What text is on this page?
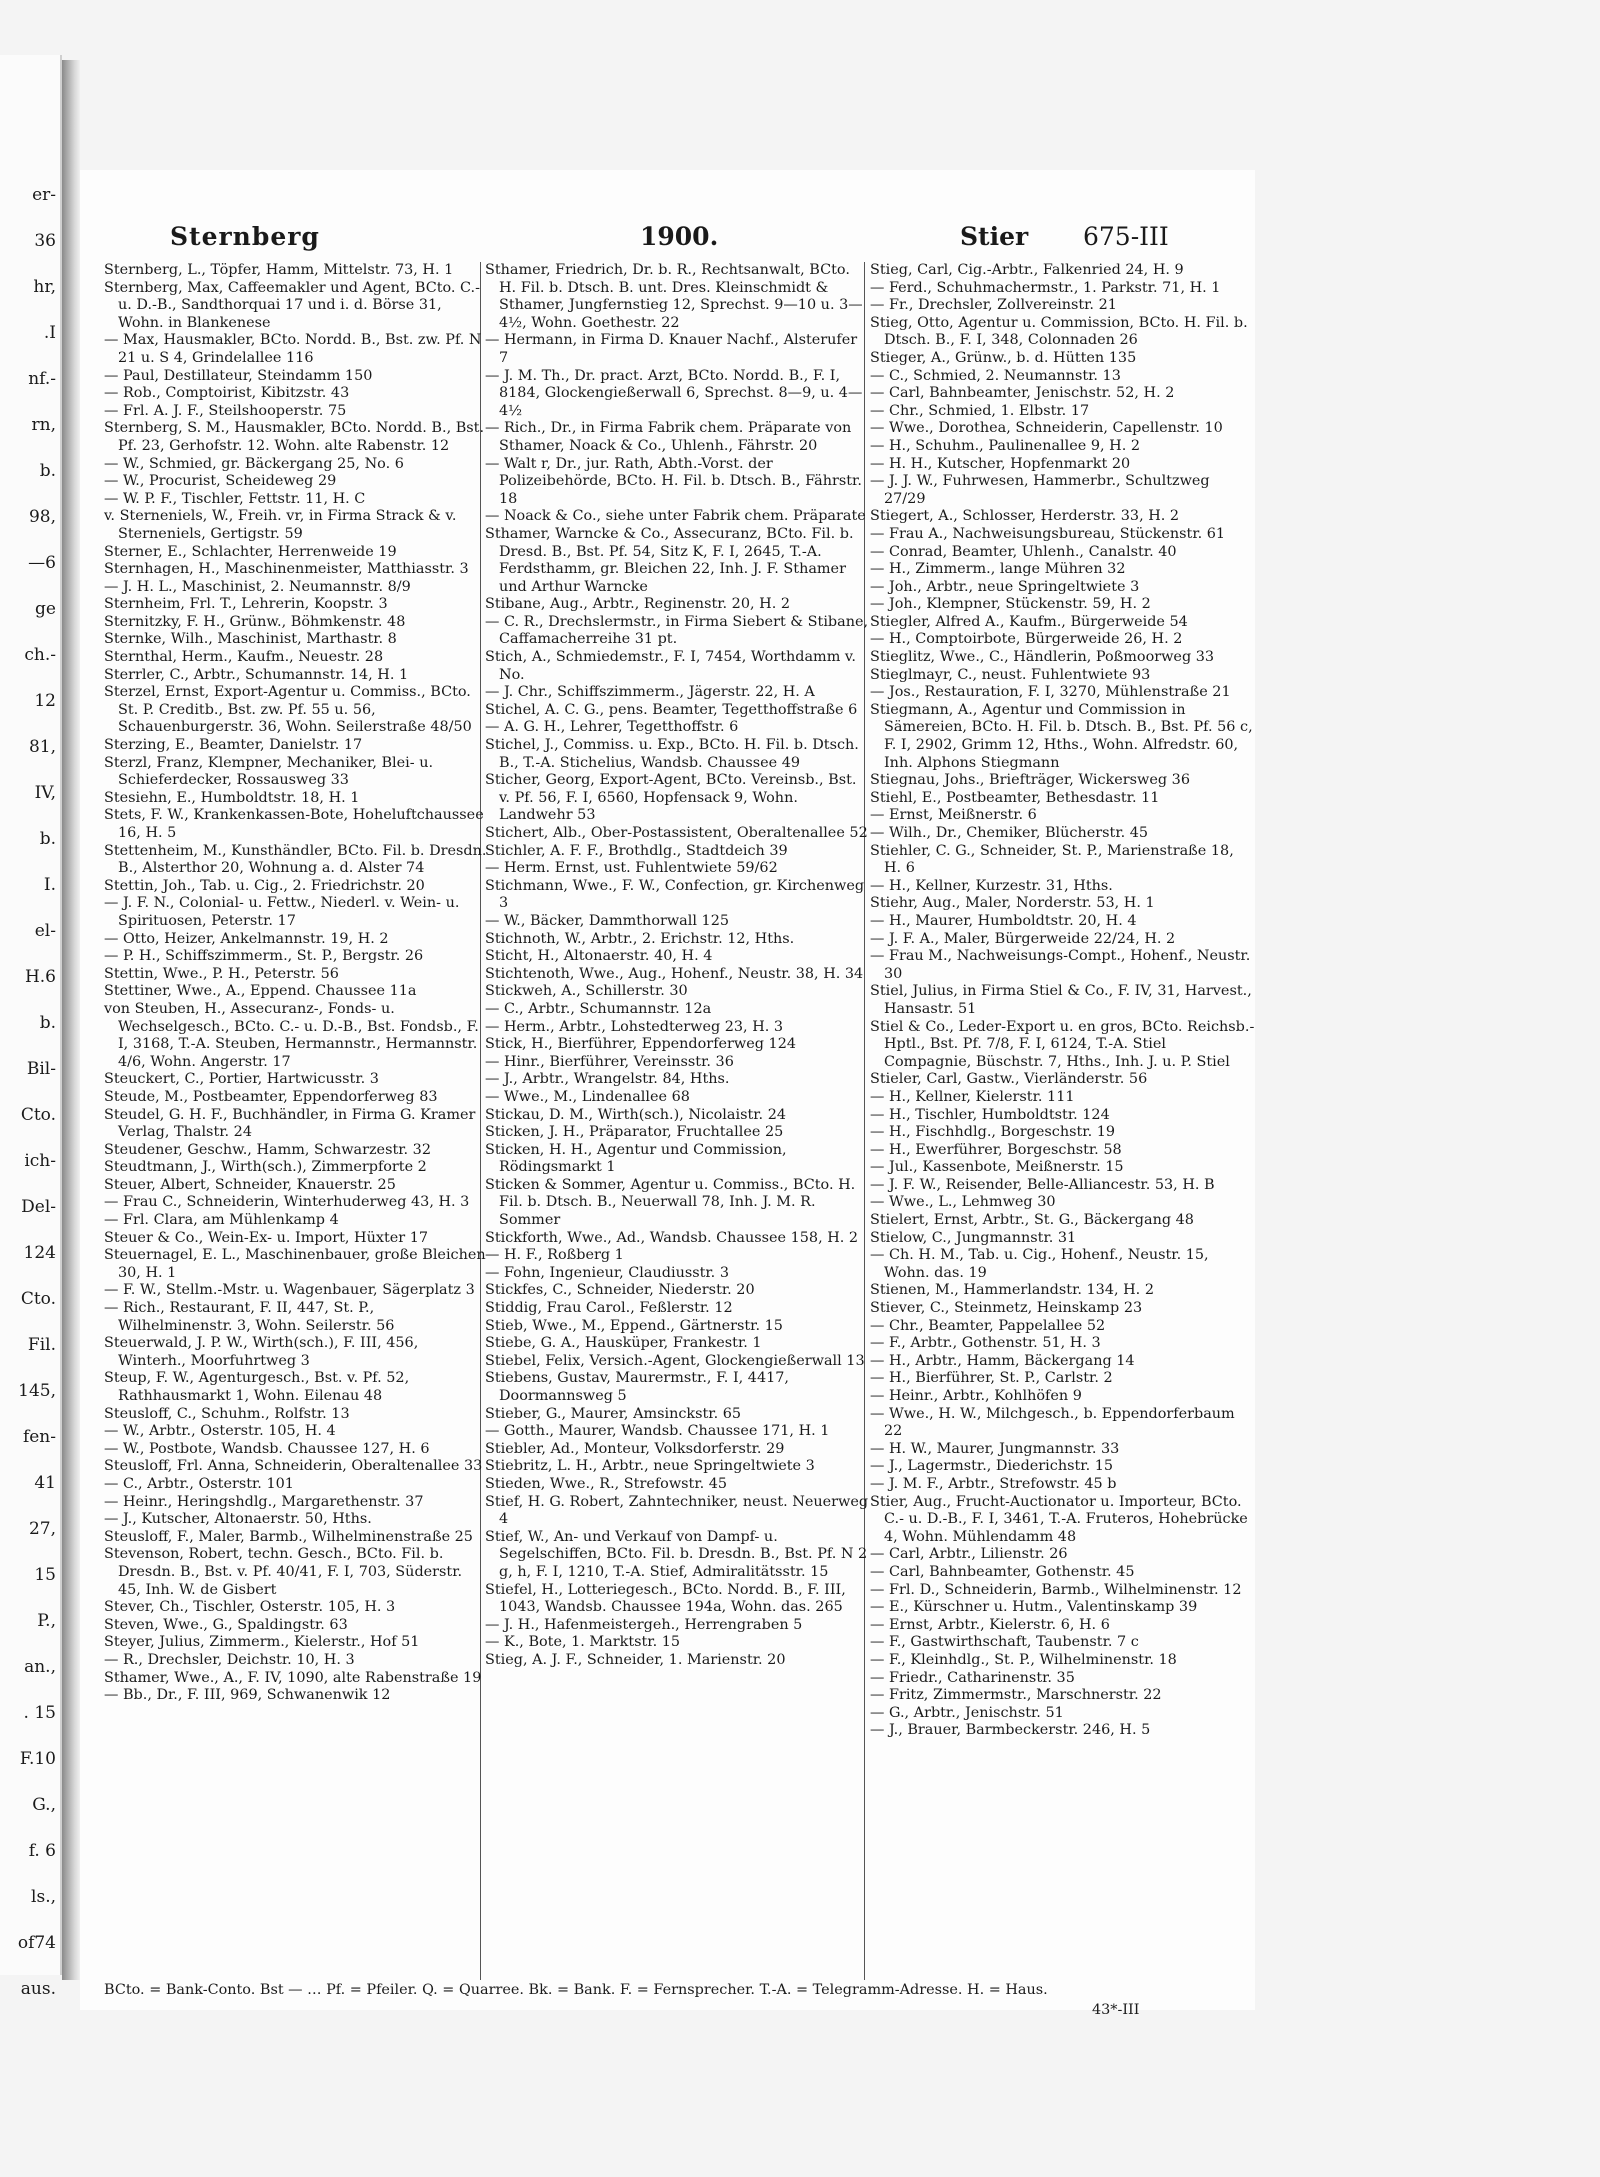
er-
36
hr,
.I
nf.-
rn,
b.
98,
—6
ge
ch.-
12
81,
IV,
b.
I.
el-
H.6
b.
Bil-
Cto.
ich-
Del-
124
Cto.
Fil.
145,
fen-
41
27,
15
P.,
an.,
. 15
F.10
G.,
f. 6
ls.,
of74
aus.
Sternberg	1900.	Stier 675-III

Sternberg, L., Töpfer, Hamm, Mittelstr. 73, H. 1

Sternberg, Max, Caffeemakler und Agent, BCto. C.- u. D.-B., Sandthorquai 17 und i. d. Börse 31, Wohn. in Blankenese

— Max, Hausmakler, BCto. Nordd. B., Bst. zw. Pf. N 21 u. S 4, Grindelallee 116

— Paul, Destillateur, Steindamm 150

— Rob., Comptoirist, Kibitzstr. 43

— Frl. A. J. F., Steilshooperstr. 75

Sternberg, S. M., Hausmakler, BCto. Nordd. B., Bst. Pf. 23, Gerhofstr. 12. Wohn. alte Rabenstr. 12

— W., Schmied, gr. Bäckergang 25, No. 6

— W., Procurist, Scheideweg 29

— W. P. F., Tischler, Fettstr. 11, H. C

v. Sterneniels, W., Freih. vr, in Firma Strack & v. Sterneniels, Gertigstr. 59

Sterner, E., Schlachter, Herrenweide 19

Sternhagen, H., Maschinenmeister, Matthiasstr. 3

— J. H. L., Maschinist, 2. Neumannstr. 8/9

Sternheim, Frl. T., Lehrerin, Koopstr. 3

Sternitzky, F. H., Grünw., Böhmkenstr. 48

Sternke, Wilh., Maschinist, Marthastr. 8

Sternthal, Herm., Kaufm., Neuestr. 28

Sterrler, C., Arbtr., Schumannstr. 14, H. 1

Sterzel, Ernst, Export-Agentur u. Commiss., BCto. St. P. Creditb., Bst. zw. Pf. 55 u. 56, Schauenburgerstr. 36, Wohn. Seilerstraße 48/50

Sterzing, E., Beamter, Danielstr. 17

Sterzl, Franz, Klempner, Mechaniker, Blei- u. Schieferdecker, Rossausweg 33

Stesiehn, E., Humboldtstr. 18, H. 1

Stets, F. W., Krankenkassen-Bote, Hoheluftchaussee 16, H. 5

Stettenheim, M., Kunsthändler, BCto. Fil. b. Dresdn. B., Alsterthor 20, Wohnung a. d. Alster 74

Stettin, Joh., Tab. u. Cig., 2. Friedrichstr. 20

— J. F. N., Colonial- u. Fettw., Niederl. v. Wein- u. Spirituosen, Peterstr. 17

— Otto, Heizer, Ankelmannstr. 19, H. 2

— P. H., Schiffszimmerm., St. P., Bergstr. 26

Stettin, Wwe., P. H., Peterstr. 56

Stettiner, Wwe., A., Eppend. Chaussee 11a

von Steuben, H., Assecuranz-, Fonds- u. Wechselgesch., BCto. C.- u. D.-B., Bst. Fondsb., F. I, 3168, T.-A. Steuben, Hermannstr., Hermannstr. 4/6, Wohn. Angerstr. 17

Steuckert, C., Portier, Hartwicusstr. 3

Steude, M., Postbeamter, Eppendorferweg 83

Steudel, G. H. F., Buchhändler, in Firma G. Kramer Verlag, Thalstr. 24

Steudener, Geschw., Hamm, Schwarzestr. 32

Steudtmann, J., Wirth(sch.), Zimmerpforte 2

Steuer, Albert, Schneider, Knauerstr. 25

— Frau C., Schneiderin, Winterhuderweg 43, H. 3

— Frl. Clara, am Mühlenkamp 4

Steuer & Co., Wein-Ex- u. Import, Hüxter 17

Steuernagel, E. L., Maschinenbauer, große Bleichen 30, H. 1

— F. W., Stellm.-Mstr. u. Wagenbauer, Sägerplatz 3

— Rich., Restaurant, F. II, 447, St. P., Wilhelminenstr. 3, Wohn. Seilerstr. 56

Steuerwald, J. P. W., Wirth(sch.), F. III, 456, Winterh., Moorfuhrtweg 3

Steup, F. W., Agenturgesch., Bst. v. Pf. 52, Rathhausmarkt 1, Wohn. Eilenau 48

Steusloff, C., Schuhm., Rolfstr. 13

— W., Arbtr., Osterstr. 105, H. 4

— W., Postbote, Wandsb. Chaussee 127, H. 6

Steusloff, Frl. Anna, Schneiderin, Oberaltenallee 33

— C., Arbtr., Osterstr. 101

— Heinr., Heringshdlg., Margarethenstr. 37

— J., Kutscher, Altonaerstr. 50, Hths.

Steusloff, F., Maler, Barmb., Wilhelminenstraße 25

Stevenson, Robert, techn. Gesch., BCto. Fil. b. Dresdn. B., Bst. v. Pf. 40/41, F. I, 703, Süderstr. 45, Inh. W. de Gisbert

Stever, Ch., Tischler, Osterstr. 105, H. 3

Steven, Wwe., G., Spaldingstr. 63

Steyer, Julius, Zimmerm., Kielerstr., Hof 51

— R., Drechsler, Deichstr. 10, H. 3

Sthamer, Wwe., A., F. IV, 1090, alte Rabenstraße 19

— Bb., Dr., F. III, 969, Schwanenwik 12

Sthamer, Friedrich, Dr. b. R., Rechtsanwalt, BCto. H. Fil. b. Dtsch. B. unt. Dres. Kleinschmidt & Sthamer, Jungfernstieg 12, Sprechst. 9—10 u. 3—4½, Wohn. Goethestr. 22

— Hermann, in Firma D. Knauer Nachf., Alsterufer 7

— J. M. Th., Dr. pract. Arzt, BCto. Nordd. B., F. I, 8184, Glockengießerwall 6, Sprechst. 8—9, u. 4—4½

— Rich., Dr., in Firma Fabrik chem. Präparate von Sthamer, Noack & Co., Uhlenh., Fährstr. 20

— Walt r, Dr., jur. Rath, Abth.-Vorst. der Polizeibehörde, BCto. H. Fil. b. Dtsch. B., Fährstr. 18

— Noack & Co., siehe unter Fabrik chem. Präparate

Sthamer, Warncke & Co., Assecuranz, BCto. Fil. b. Dresd. B., Bst. Pf. 54, Sitz K, F. I, 2645, T.-A. Ferdsthamm, gr. Bleichen 22, Inh. J. F. Sthamer und Arthur Warncke

Stibane, Aug., Arbtr., Reginenstr. 20, H. 2

— C. R., Drechslermstr., in Firma Siebert & Stibane, Caffamacherreihe 31 pt.

Stich, A., Schmiedemstr., F. I, 7454, Worthdamm v. No.

— J. Chr., Schiffszimmerm., Jägerstr. 22, H. A

Stichel, A. C. G., pens. Beamter, Tegetthoffstraße 6

— A. G. H., Lehrer, Tegetthoffstr. 6

Stichel, J., Commiss. u. Exp., BCto. H. Fil. b. Dtsch. B., T.-A. Stichelius, Wandsb. Chaussee 49

Sticher, Georg, Export-Agent, BCto. Vereinsb., Bst. v. Pf. 56, F. I, 6560, Hopfensack 9, Wohn. Landwehr 53

Stichert, Alb., Ober-Postassistent, Oberaltenallee 52

Stichler, A. F. F., Brothdlg., Stadtdeich 39

— Herm. Ernst, ust. Fuhlentwiete 59/62

Stichmann, Wwe., F. W., Confection, gr. Kirchenweg 3

— W., Bäcker, Dammthorwall 125

Stichnoth, W., Arbtr., 2. Erichstr. 12, Hths.

Sticht, H., Altonaerstr. 40, H. 4

Stichtenoth, Wwe., Aug., Hohenf., Neustr. 38, H. 34

Stickweh, A., Schillerstr. 30

— C., Arbtr., Schumannstr. 12a

— Herm., Arbtr., Lohstedterweg 23, H. 3

Stick, H., Bierführer, Eppendorferweg 124

— Hinr., Bierführer, Vereinsstr. 36

— J., Arbtr., Wrangelstr. 84, Hths.

— Wwe., M., Lindenallee 68

Stickau, D. M., Wirth(sch.), Nicolaistr. 24

Sticken, J. H., Präparator, Fruchtallee 25

Sticken, H. H., Agentur und Commission, Rödingsmarkt 1

Sticken & Sommer, Agentur u. Commiss., BCto. H. Fil. b. Dtsch. B., Neuerwall 78, Inh. J. M. R. Sommer

Stickforth, Wwe., Ad., Wandsb. Chaussee 158, H. 2

— H. F., Roßberg 1

— Fohn, Ingenieur, Claudiusstr. 3

Stickfes, C., Schneider, Niederstr. 20

Stiddig, Frau Carol., Feßlerstr. 12

Stieb, Wwe., M., Eppend., Gärtnerstr. 15

Stiebe, G. A., Hausküper, Frankestr. 1

Stiebel, Felix, Versich.-Agent, Glockengießerwall 13

Stiebens, Gustav, Maurermstr., F. I, 4417, Doormannsweg 5

Stieber, G., Maurer, Amsinckstr. 65

— Gotth., Maurer, Wandsb. Chaussee 171, H. 1

Stiebler, Ad., Monteur, Volksdorferstr. 29

Stiebritz, L. H., Arbtr., neue Springeltwiete 3

Stieden, Wwe., R., Strefowstr. 45

Stief, H. G. Robert, Zahntechniker, neust. Neuerweg 4

Stief, W., An- und Verkauf von Dampf- u. Segelschiffen, BCto. Fil. b. Dresdn. B., Bst. Pf. N 2 g, h, F. I, 1210, T.-A. Stief, Admiralitätsstr. 15

Stiefel, H., Lotteriegesch., BCto. Nordd. B., F. III, 1043, Wandsb. Chaussee 194a, Wohn. das. 265

— J. H., Hafenmeistergeh., Herrengraben 5

— K., Bote, 1. Marktstr. 15

Stieg, A. J. F., Schneider, 1. Marienstr. 20

Stieg, Carl, Cig.-Arbtr., Falkenried 24, H. 9

— Ferd., Schuhmachermstr., 1. Parkstr. 71, H. 1

— Fr., Drechsler, Zollvereinstr. 21

Stieg, Otto, Agentur u. Commission, BCto. H. Fil. b. Dtsch. B., F. I, 348, Colonnaden 26

Stieger, A., Grünw., b. d. Hütten 135

— C., Schmied, 2. Neumannstr. 13

— Carl, Bahnbeamter, Jenischstr. 52, H. 2

— Chr., Schmied, 1. Elbstr. 17

— Wwe., Dorothea, Schneiderin, Capellenstr. 10

— H., Schuhm., Paulinenallee 9, H. 2

— H. H., Kutscher, Hopfenmarkt 20

— J. J. W., Fuhrwesen, Hammerbr., Schultzweg 27/29

Stiegert, A., Schlosser, Herderstr. 33, H. 2

— Frau A., Nachweisungsbureau, Stückenstr. 61

— Conrad, Beamter, Uhlenh., Canalstr. 40

— H., Zimmerm., lange Mühren 32

— Joh., Arbtr., neue Springeltwiete 3

— Joh., Klempner, Stückenstr. 59, H. 2

Stiegler, Alfred A., Kaufm., Bürgerweide 54

— H., Comptoirbote, Bürgerweide 26, H. 2

Stieglitz, Wwe., C., Händlerin, Poßmoorweg 33

Stieglmayr, C., neust. Fuhlentwiete 93

— Jos., Restauration, F. I, 3270, Mühlenstraße 21

Stiegmann, A., Agentur und Commission in Sämereien, BCto. H. Fil. b. Dtsch. B., Bst. Pf. 56 c, F. I, 2902, Grimm 12, Hths., Wohn. Alfredstr. 60, Inh. Alphons Stiegmann

Stiegnau, Johs., Briefträger, Wickersweg 36

Stiehl, E., Postbeamter, Bethesdastr. 11

— Ernst, Meißnerstr. 6

— Wilh., Dr., Chemiker, Blücherstr. 45

Stiehler, C. G., Schneider, St. P., Marienstraße 18, H. 6

— H., Kellner, Kurzestr. 31, Hths.

Stiehr, Aug., Maler, Norderstr. 53, H. 1

— H., Maurer, Humboldtstr. 20, H. 4

— J. F. A., Maler, Bürgerweide 22/24, H. 2

— Frau M., Nachweisungs-Compt., Hohenf., Neustr. 30

Stiel, Julius, in Firma Stiel & Co., F. IV, 31, Harvest., Hansastr. 51

Stiel & Co., Leder-Export u. en gros, BCto. Reichsb.-Hptl., Bst. Pf. 7/8, F. I, 6124, T.-A. Stiel Compagnie, Büschstr. 7, Hths., Inh. J. u. P. Stiel

Stieler, Carl, Gastw., Vierländerstr. 56

— H., Kellner, Kielerstr. 111

— H., Tischler, Humboldtstr. 124

— H., Fischhdlg., Borgeschstr. 19

— H., Ewerführer, Borgeschstr. 58

— Jul., Kassenbote, Meißnerstr. 15

— J. F. W., Reisender, Belle-Alliancestr. 53, H. B

— Wwe., L., Lehmweg 30

Stielert, Ernst, Arbtr., St. G., Bäckergang 48

Stielow, C., Jungmannstr. 31

— Ch. H. M., Tab. u. Cig., Hohenf., Neustr. 15, Wohn. das. 19

Stienen, M., Hammerlandstr. 134, H. 2

Stiever, C., Steinmetz, Heinskamp 23

— Chr., Beamter, Pappelallee 52

— F., Arbtr., Gothenstr. 51, H. 3

— H., Arbtr., Hamm, Bäckergang 14

— H., Bierführer, St. P., Carlstr. 2

— Heinr., Arbtr., Kohlhöfen 9

— Wwe., H. W., Milchgesch., b. Eppendorferbaum 22

— H. W., Maurer, Jungmannstr. 33

— J., Lagermstr., Diederichstr. 15

— J. M. F., Arbtr., Strefowstr. 45 b

Stier, Aug., Frucht-Auctionator u. Importeur, BCto. C.- u. D.-B., F. I, 3461, T.-A. Fruteros, Hohebrücke 4, Wohn. Mühlendamm 48

— Carl, Arbtr., Lilienstr. 26

— Carl, Bahnbeamter, Gothenstr. 45

— Frl. D., Schneiderin, Barmb., Wilhelminenstr. 12

— E., Kürschner u. Hutm., Valentinskamp 39

— Ernst, Arbtr., Kielerstr. 6, H. 6

— F., Gastwirthschaft, Taubenstr. 7 c

— F., Kleinhdlg., St. P., Wilhelminenstr. 18

— Friedr., Catharinenstr. 35

— Fritz, Zimmermstr., Marschnerstr. 22

— G., Arbtr., Jenischstr. 51

— J., Brauer, Barmbeckerstr. 246, H. 5

BCto. = Bank-Conto. Bst — … Pf. = Pfeiler. Q. = Quarree. Bk. = Bank. F. = Fernsprecher. T.-A. = Telegramm-Adresse. H. = Haus.
43*-III
